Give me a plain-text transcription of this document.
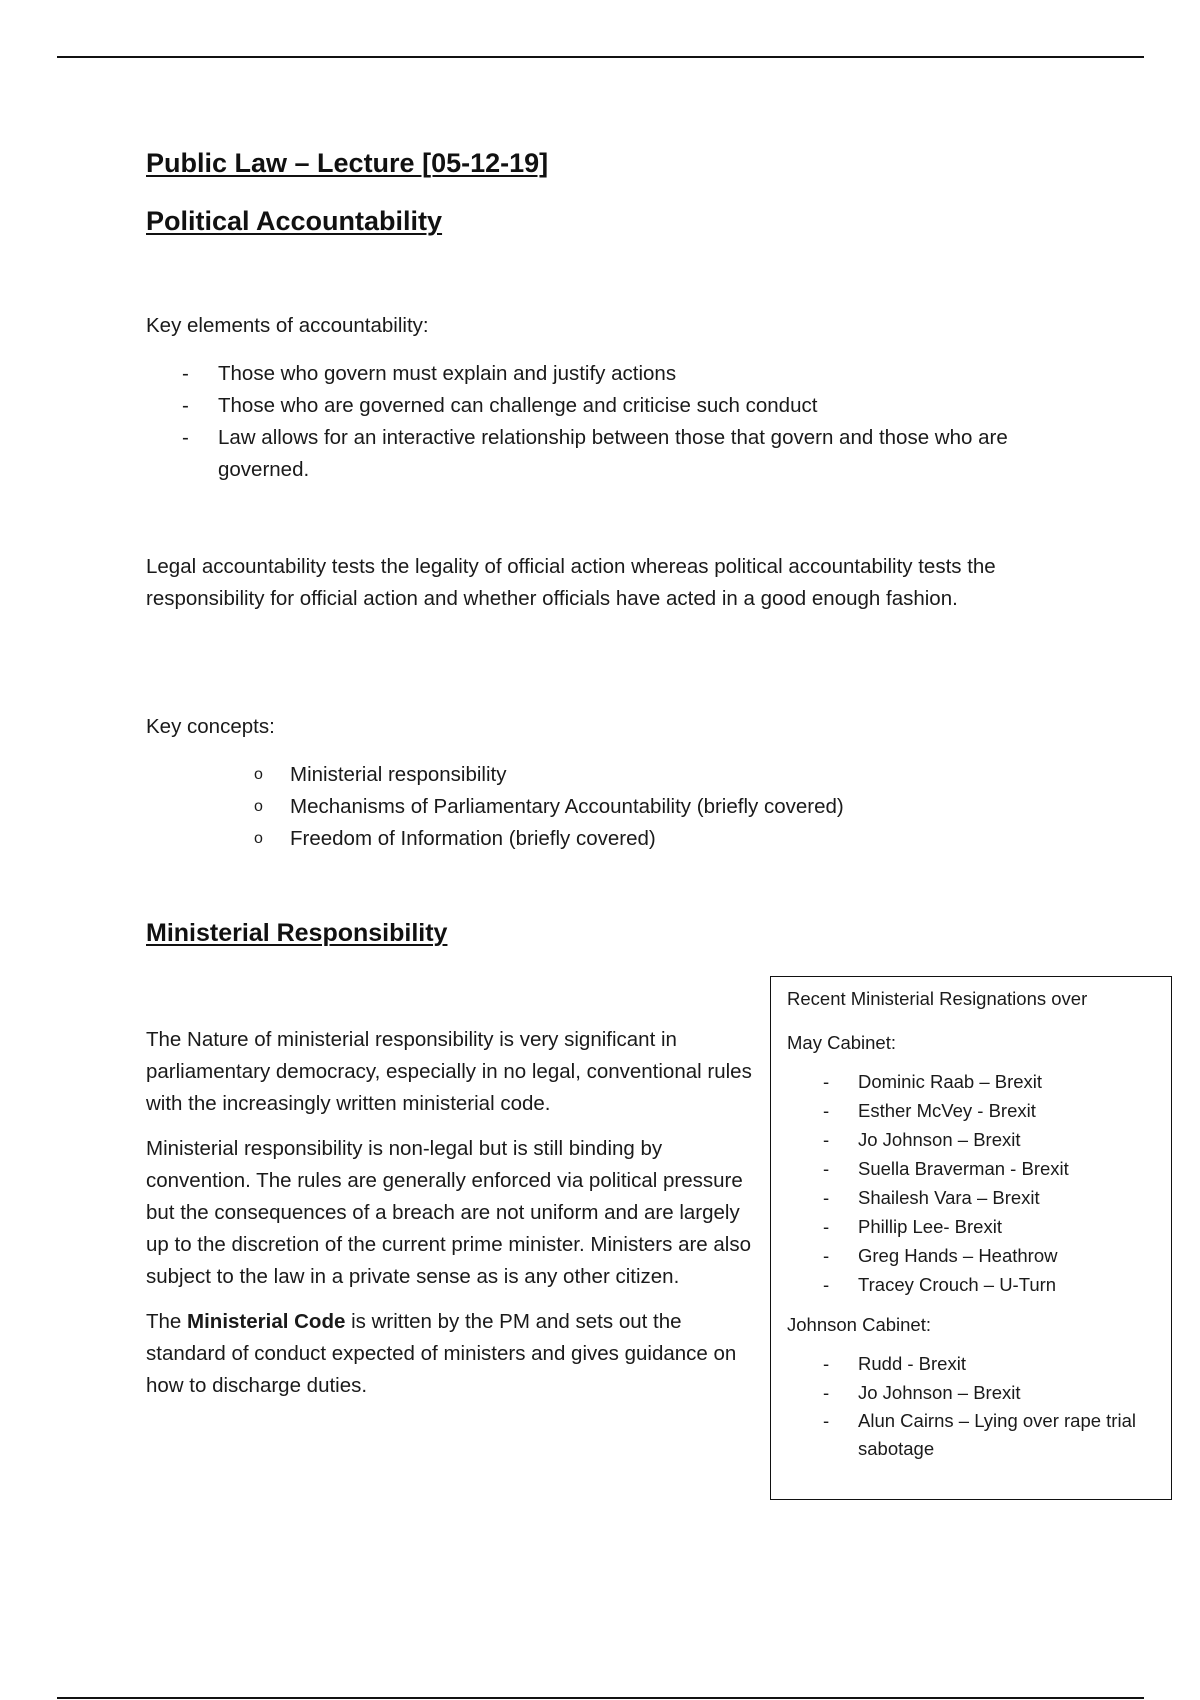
Public Law – Lecture [05-12-19]
Political Accountability

Key elements of accountability:

- Those who govern must explain and justify actions
- Those who are governed can challenge and criticise such conduct
- Law allows for an interactive relationship between those that govern and those who are governed.

Legal accountability tests the legality of official action whereas political accountability tests the responsibility for official action and whether officials have acted in a good enough fashion.

Key concepts:

o Ministerial responsibility
o Mechanisms of Parliamentary Accountability (briefly covered)
o Freedom of Information (briefly covered)
Ministerial Responsibility

The Nature of ministerial responsibility is very significant in parliamentary democracy, especially in no legal, conventional rules with the increasingly written ministerial code.

Ministerial responsibility is non-legal but is still binding by convention. The rules are generally enforced via political pressure but the consequences of a breach are not uniform and are largely up to the discretion of the current prime minister. Ministers are also subject to the law in a private sense as is any other citizen.

The Ministerial Code is written by the PM and sets out the standard of conduct expected of ministers and gives guidance on how to discharge duties.

Recent Ministerial Resignations over

May Cabinet:

- Dominic Raab – Brexit
- Esther McVey - Brexit
- Jo Johnson – Brexit
- Suella Braverman - Brexit
- Shailesh Vara – Brexit
- Phillip Lee- Brexit
- Greg Hands – Heathrow
- Tracey Crouch – U-Turn

Johnson Cabinet:

- Rudd - Brexit
- Jo Johnson – Brexit
- Alun Cairns – Lying over rape trial sabotage
